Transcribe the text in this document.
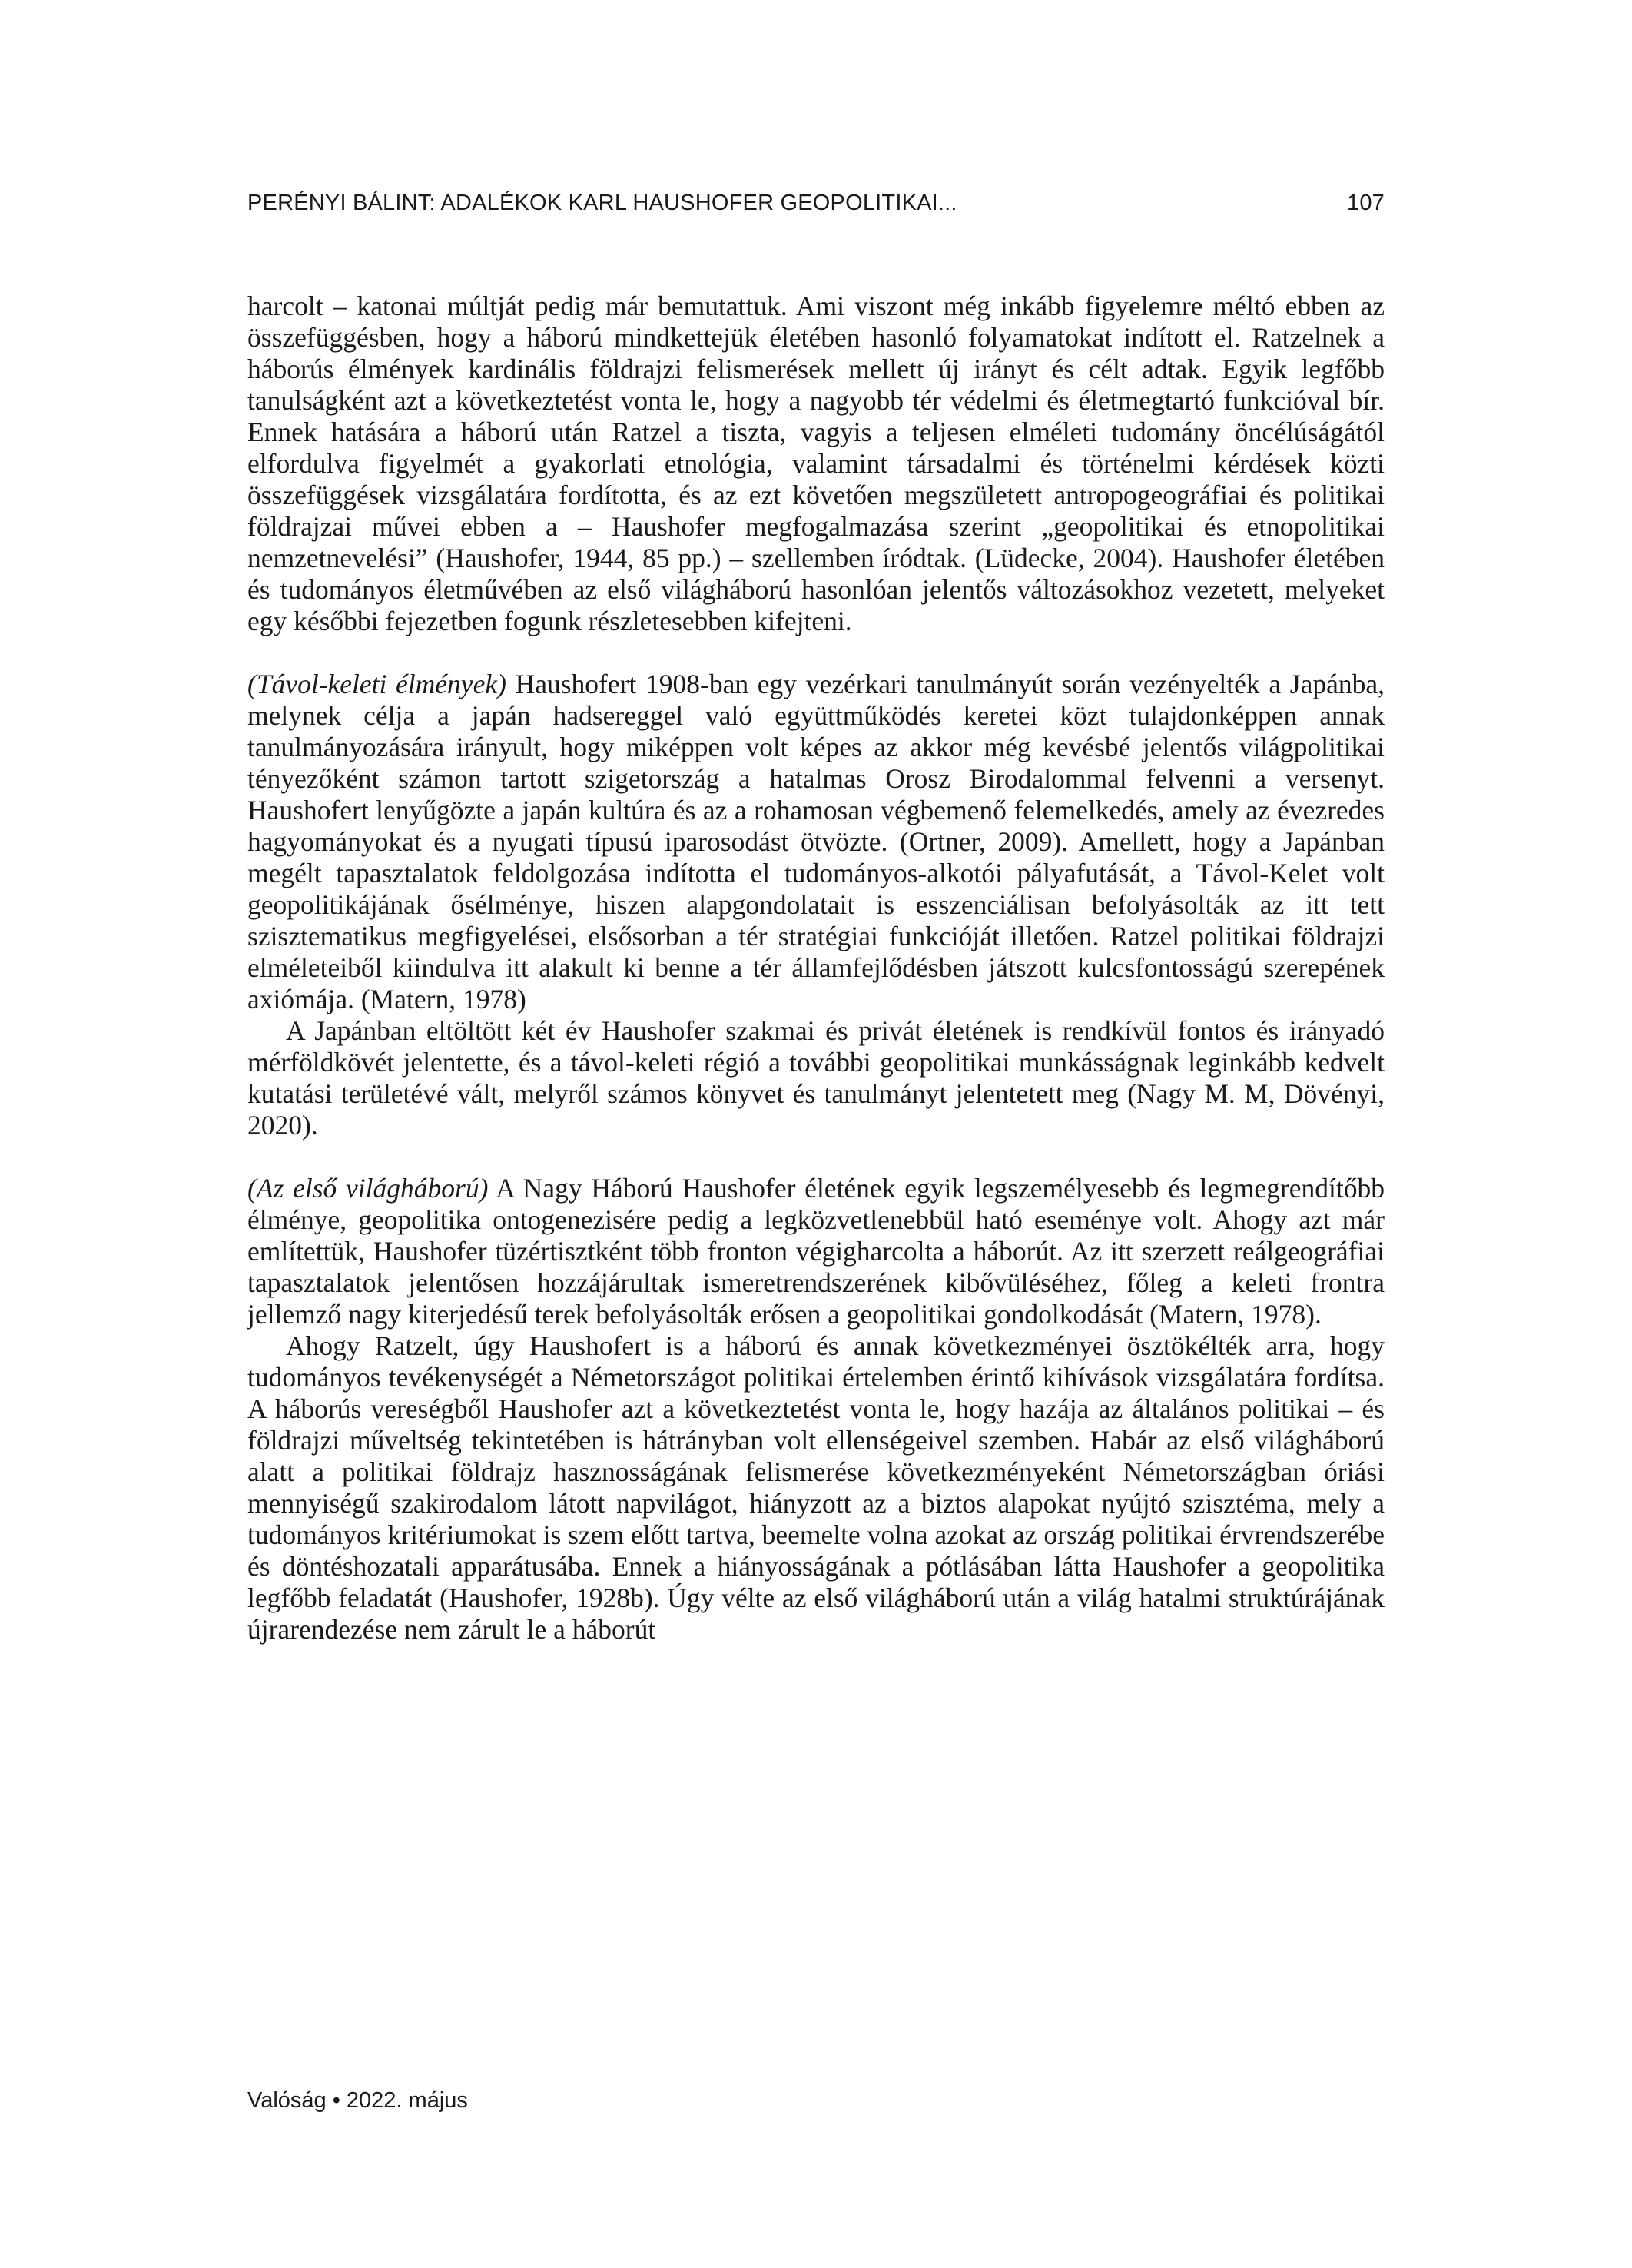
PERÉNYI BÁLINT: ADALÉKOK KARL HAUSHOFER GEOPOLITIKAI...	107

harcolt – katonai múltját pedig már bemutattuk. Ami viszont még inkább figyelemre méltó ebben az összefüggésben, hogy a háború mindkettejük életében hasonló folyamatokat indított el. Ratzelnek a háborús élmények kardinális földrajzi felismerések mellett új irányt és célt adtak. Egyik legfőbb tanulságként azt a következtetést vonta le, hogy a nagyobb tér védelmi és életmegtartó funkcióval bír. Ennek hatására a háború után Ratzel a tiszta, vagyis a teljesen elméleti tudomány öncélúságától elfordulva figyelmét a gyakorlati etnológia, valamint társadalmi és történelmi kérdések közti összefüggések vizsgálatára fordította, és az ezt követően megszületett antropogeográfiai és politikai földrajzai művei ebben a – Haushofer megfogalmazása szerint „geopolitikai és etnopolitikai nemzetnevelési” (Haushofer, 1944, 85 pp.) – szellemben íródtak. (Lüdecke, 2004). Haushofer életében és tudományos életművében az első világháború hasonlóan jelentős változásokhoz vezetett, melyeket egy későbbi fejezetben fogunk részletesebben kifejteni.

(Távol-keleti élmények) Haushofert 1908-ban egy vezérkari tanulmányút során vezényelték a Japánba, melynek célja a japán hadsereggel való együttműködés keretei közt tulajdonképpen annak tanulmányozására irányult, hogy miképpen volt képes az akkor még kevésbé jelentős világpolitikai tényezőként számon tartott szigetország a hatalmas Orosz Birodalommal felvenni a versenyt. Haushofert lenyűgözte a japán kultúra és az a rohamosan végbemenő felemelkedés, amely az évezredes hagyományokat és a nyugati típusú iparosodást ötvözte. (Ortner, 2009). Amellett, hogy a Japánban megélt tapasztalatok feldolgozása indította el tudományos-alkotói pályafutását, a Távol-Kelet volt geopolitikájának ősélménye, hiszen alapgondolatait is esszenciálisan befolyásolták az itt tett szisztematikus megfigyelései, elsősorban a tér stratégiai funkcióját illetően. Ratzel politikai földrajzi elméleteiből kiindulva itt alakult ki benne a tér államfejlődésben játszott kulcsfontosságú szerepének axiómája. (Matern, 1978)

A Japánban eltöltött két év Haushofer szakmai és privát életének is rendkívül fontos és irányadó mérföldkövét jelentette, és a távol-keleti régió a további geopolitikai munkásságnak leginkább kedvelt kutatási területévé vált, melyről számos könyvet és tanulmányt jelentetett meg (Nagy M. M, Dövényi, 2020).

(Az első világháború) A Nagy Háború Haushofer életének egyik legszemélyesebb és legmegrendítőbb élménye, geopolitika ontogenezisére pedig a legközvetlenebbül ható eseménye volt. Ahogy azt már említettük, Haushofer tüzértisztként több fronton végigharcolta a háborút. Az itt szerzett reálgeográfiai tapasztalatok jelentősen hozzájárultak ismeretrendszerének kibővüléséhez, főleg a keleti frontra jellemző nagy kiterjedésű terek befolyásolták erősen a geopolitikai gondolkodását (Matern, 1978).

Ahogy Ratzelt, úgy Haushofert is a háború és annak következményei ösztökélték arra, hogy tudományos tevékenységét a Németországot politikai értelemben érintő kihívások vizsgálatára fordítsa. A háborús vereségből Haushofer azt a következtetést vonta le, hogy hazája az általános politikai – és földrajzi műveltség tekintetében is hátrányban volt ellenségeivel szemben. Habár az első világháború alatt a politikai földrajz hasznosságának felismerése következményeként Németországban óriási mennyiségű szakirodalom látott napvilágot, hiányzott az a biztos alapokat nyújtó szisztéma, mely a tudományos kritériumokat is szem előtt tartva, beemelte volna azokat az ország politikai érvrendszerébe és döntéshozatali apparátusába. Ennek a hiányosságának a pótlásában látta Haushofer a geopolitika legfőbb feladatát (Haushofer, 1928b). Úgy vélte az első világháború után a világ hatalmi struktúrájának újrarendezése nem zárult le a háborút

Valóság • 2022. május
